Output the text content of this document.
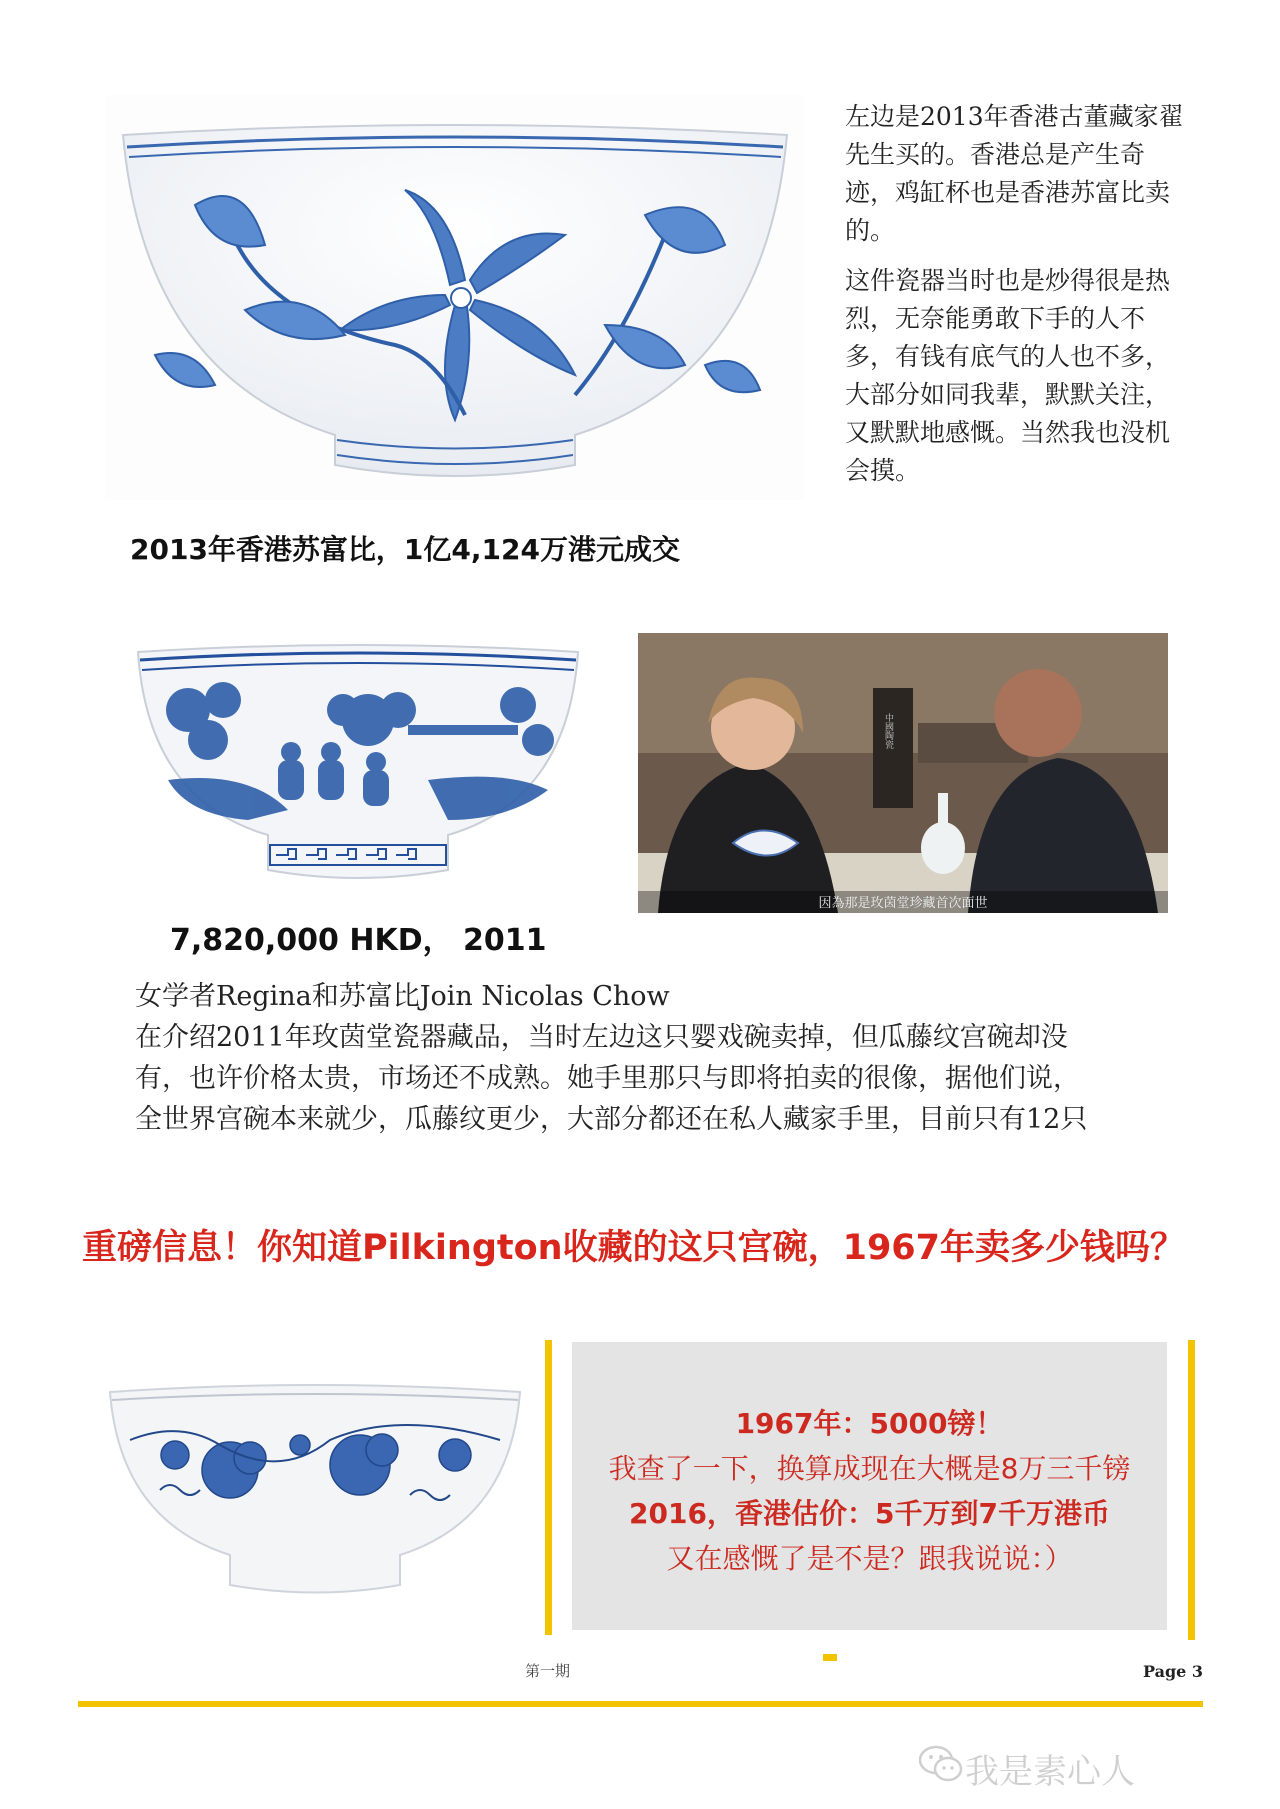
左边是2013年香港古董藏家翟先生买的。香港总是产生奇迹，鸡缸杯也是香港苏富比卖的。

这件瓷器当时也是炒得很是热烈，无奈能勇敢下手的人不多，有钱有底气的人也不多，大部分如同我辈，默默关注，又默默地感慨。当然我也没机会摸。

2013年香港苏富比，1亿4,124万港元成交
7,820,000 HKD， 2011
中國陶瓷
因為那是玫茵堂珍藏首次面世
女学者Regina和苏富比Join Nicolas Chow
在介绍2011年玫茵堂瓷器藏品，当时左边这只婴戏碗卖掉，但瓜藤纹宫碗却没
有，也许价格太贵，市场还不成熟。她手里那只与即将拍卖的很像，据他们说，
全世界宫碗本来就少，瓜藤纹更少，大部分都还在私人藏家手里，目前只有12只
重磅信息！你知道Pilkington收藏的这只宫碗，1967年卖多少钱吗？
1967年：5000镑！
我查了一下，换算成现在大概是8万三千镑
2016，香港估价：5千万到7千万港币
又在感慨了是不是？跟我说说：）
第一期	Page 3
我是素心人
